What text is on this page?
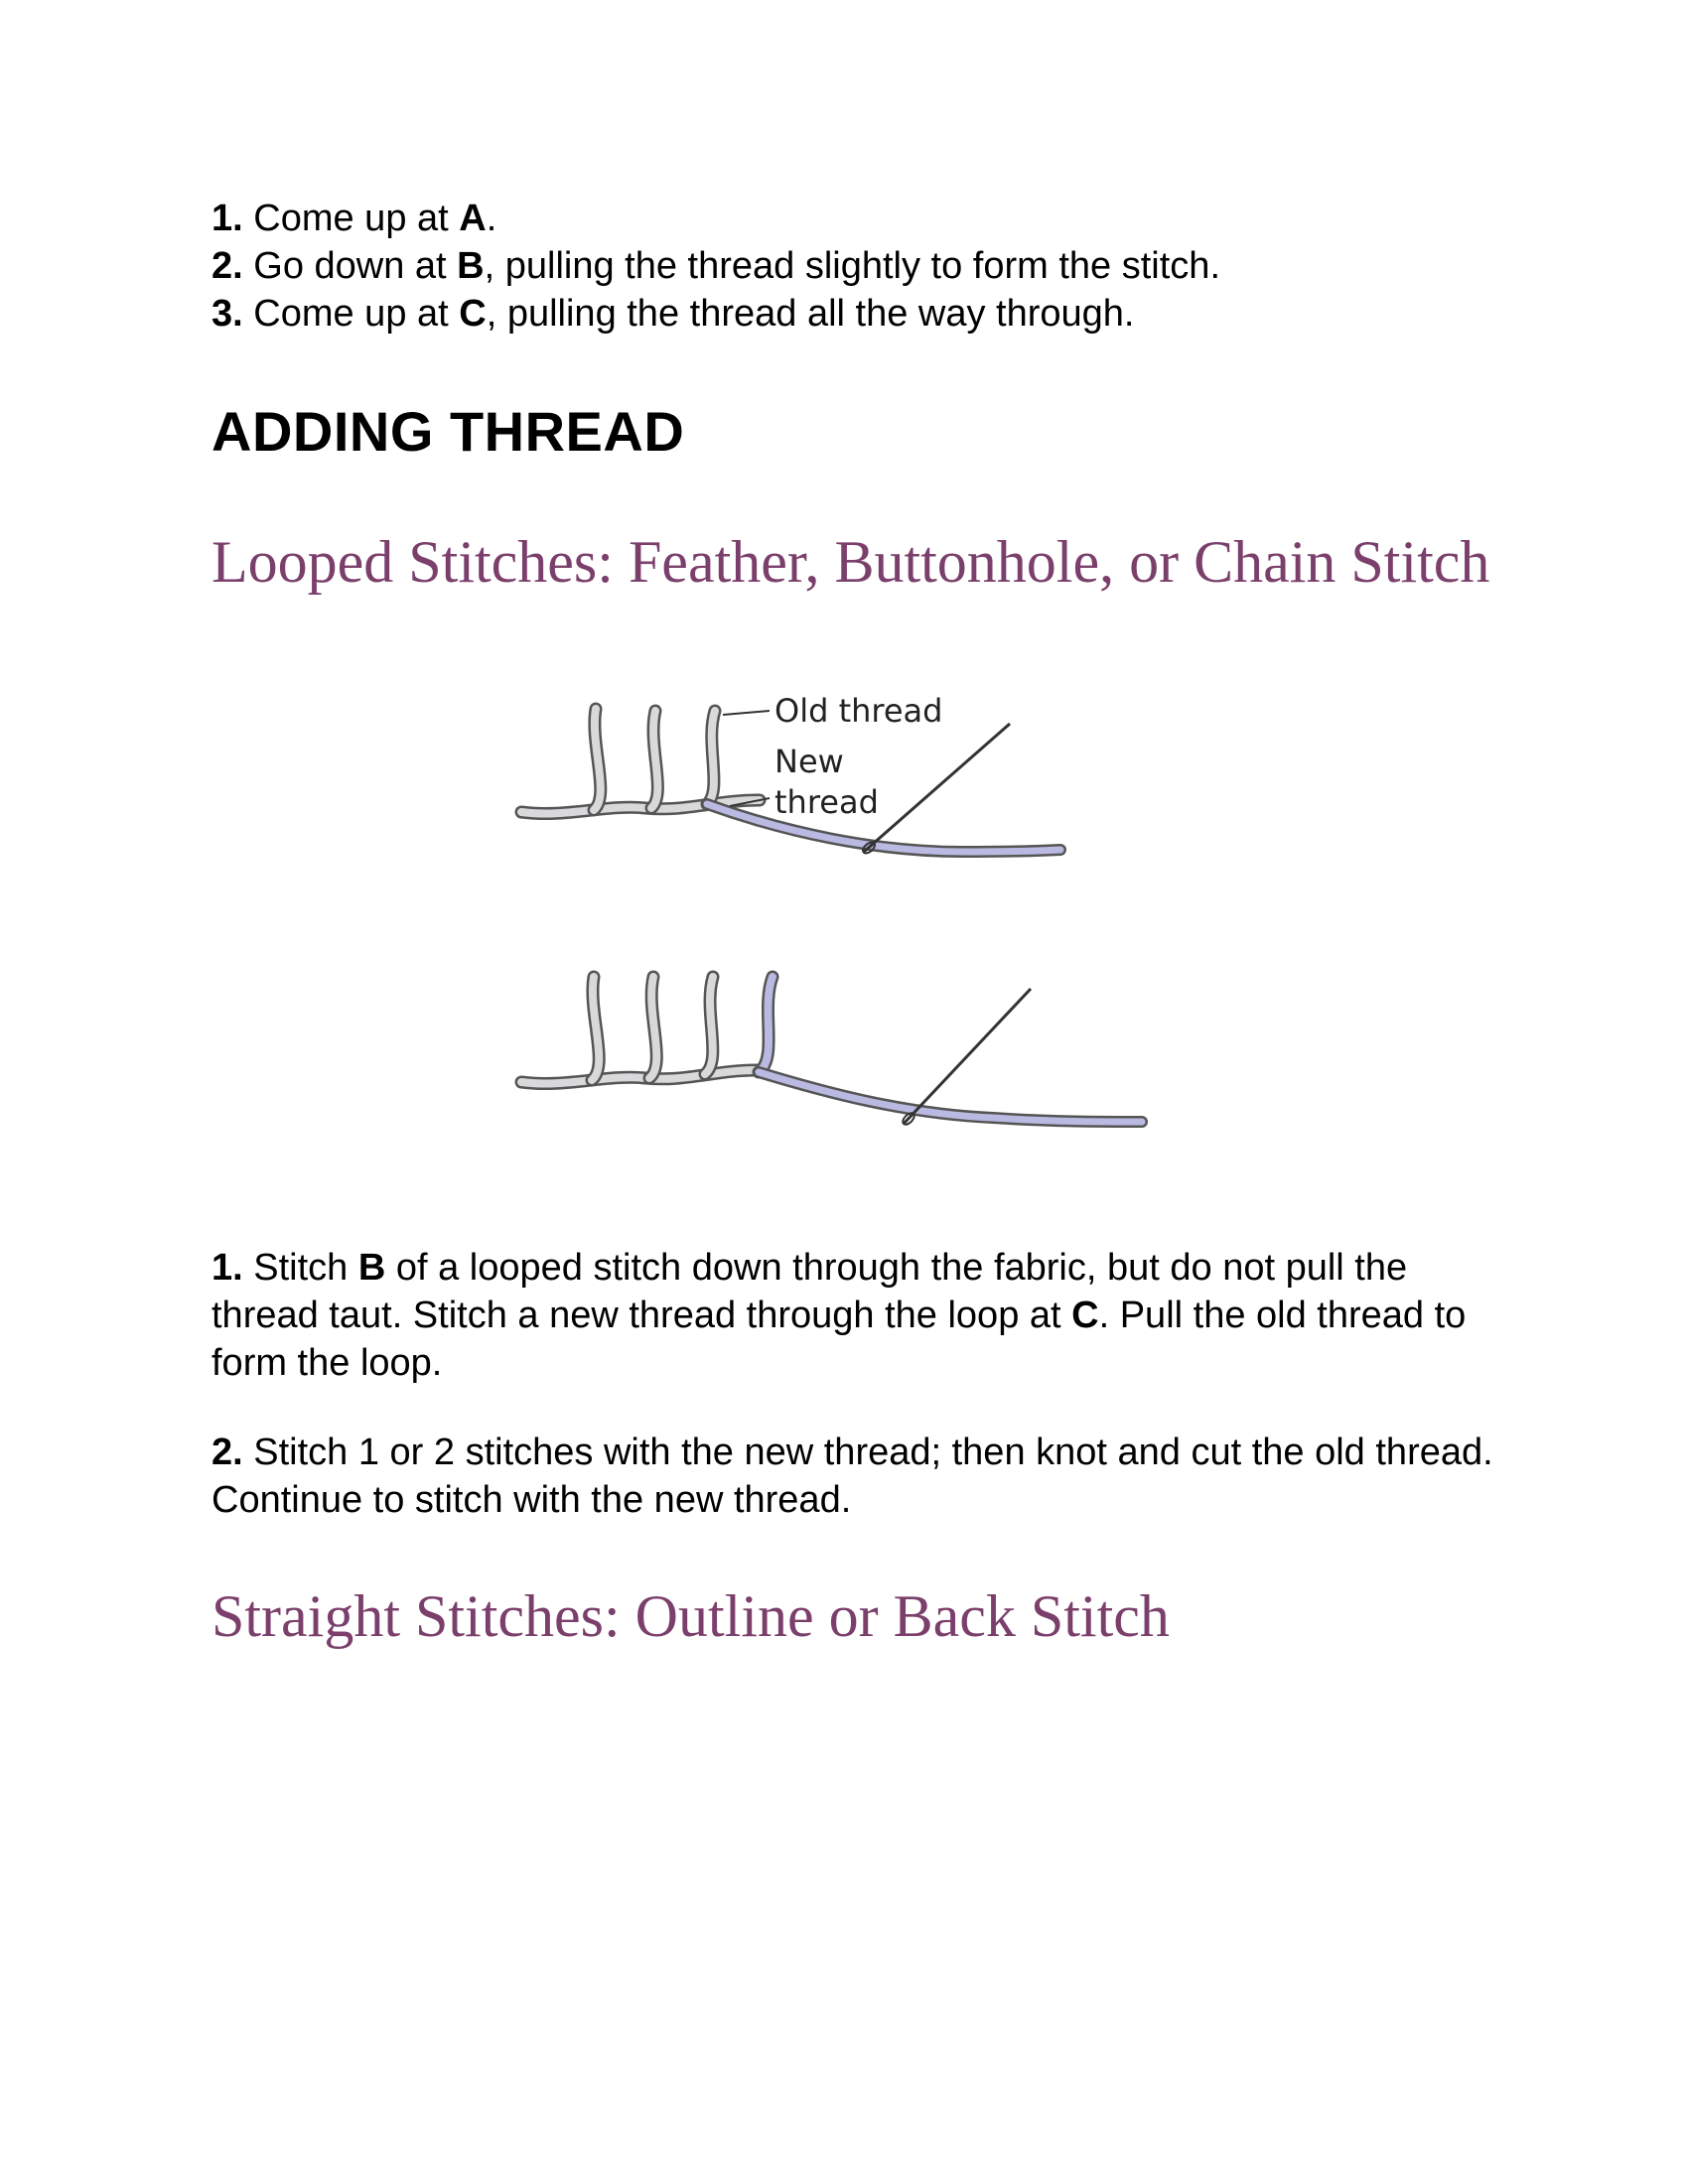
1. Come up at A.
2. Go down at B, pulling the thread slightly to form the stitch.
3. Come up at C, pulling the thread all the way through.
ADDING THREAD
Looped Stitches: Feather, Buttonhole, or Chain Stitch
Old thread
New
thread

1. Stitch B of a looped stitch down through the fabric, but do not pull the thread taut. Stitch a new thread through the loop at C. Pull the old thread to form the loop.

2. Stitch 1 or 2 stitches with the new thread; then knot and cut the old thread. Continue to stitch with the new thread.

Straight Stitches: Outline or Back Stitch
